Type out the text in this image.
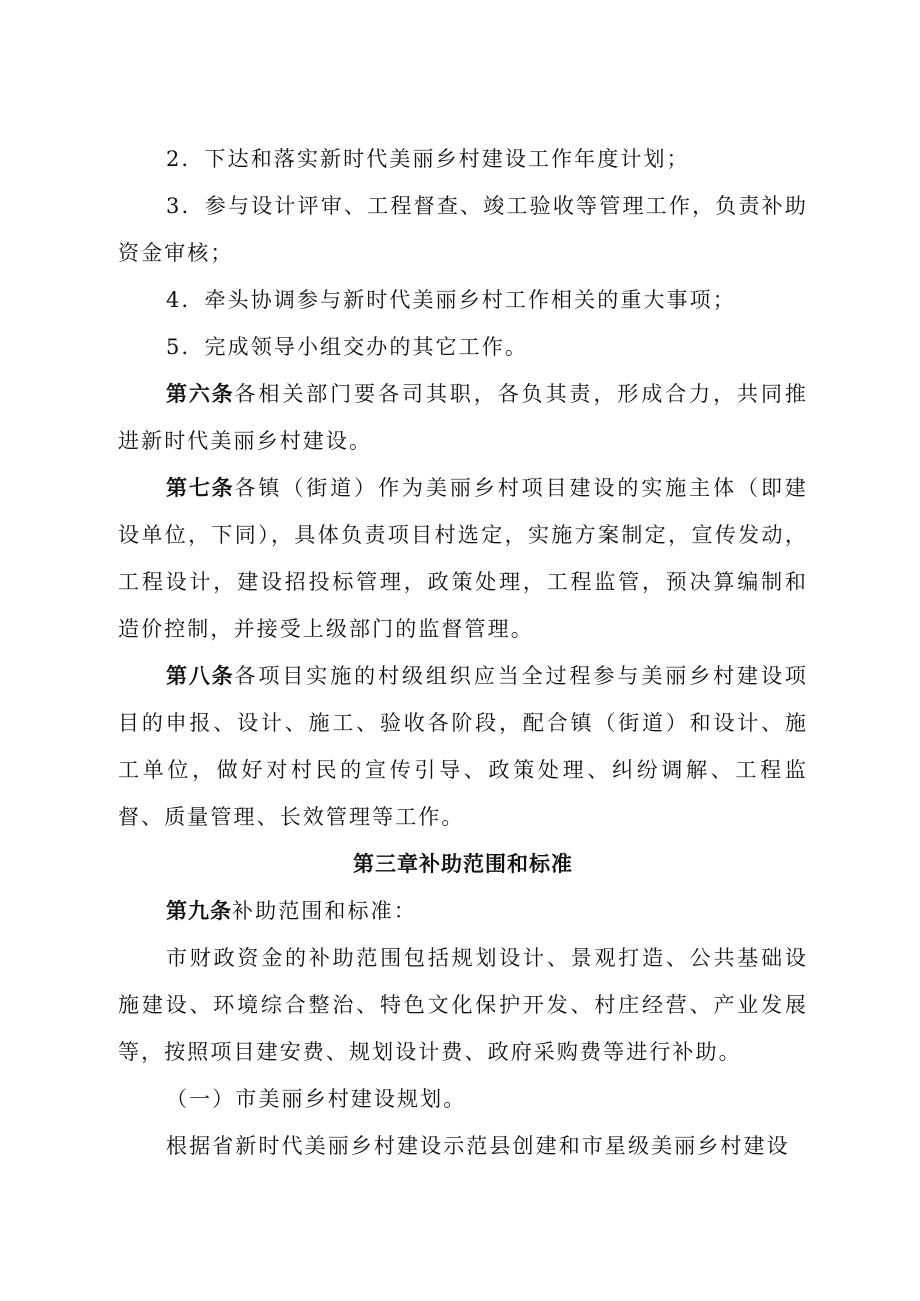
2．下达和落实新时代美丽乡村建设工作年度计划；

3．参与设计评审、工程督查、竣工验收等管理工作，负责补助资金审核；

4．牵头协调参与新时代美丽乡村工作相关的重大事项；

5．完成领导小组交办的其它工作。

第六条各相关部门要各司其职，各负其责，形成合力，共同推进新时代美丽乡村建设。

第七条各镇（街道）作为美丽乡村项目建设的实施主体（即建设单位，下同），具体负责项目村选定，实施方案制定，宣传发动，工程设计，建设招投标管理，政策处理，工程监管，预决算编制和造价控制，并接受上级部门的监督管理。

第八条各项目实施的村级组织应当全过程参与美丽乡村建设项目的申报、设计、施工、验收各阶段，配合镇（街道）和设计、施工单位，做好对村民的宣传引导、政策处理、纠纷调解、工程监督、质量管理、长效管理等工作。

第三章补助范围和标准

第九条补助范围和标准：

市财政资金的补助范围包括规划设计、景观打造、公共基础设施建设、环境综合整治、特色文化保护开发、村庄经营、产业发展等，按照项目建安费、规划设计费、政府采购费等进行补助。

（一）市美丽乡村建设规划。

根据省新时代美丽乡村建设示范县创建和市星级美丽乡村建设
